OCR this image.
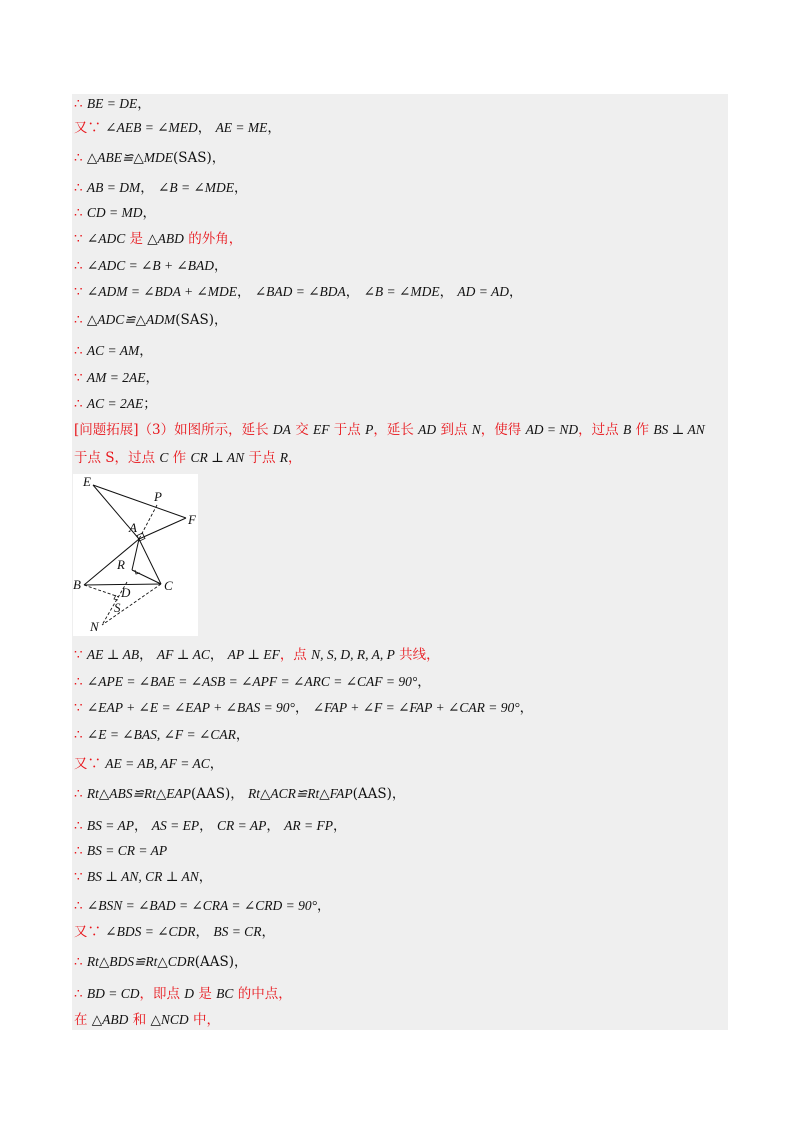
∴ BE = DE，
又∵ ∠AEB = ∠MED， AE = ME，
∴ △ABE≌△MDE(SAS)，
∴ AB = DM， ∠B = ∠MDE，
∴ CD = MD，
∵ ∠ADC 是 △ABD 的外角，
∴ ∠ADC = ∠B + ∠BAD，
∵ ∠ADM = ∠BDA + ∠MDE， ∠BAD = ∠BDA， ∠B = ∠MDE， AD = AD，
∴ △ADC≌△ADM(SAS)，
∴ AC = AM，
∵ AM = 2AE，
∴ AC = 2AE；
[问题拓展]（3）如图所示，延长 DA 交 EF 于点 P，延长 AD 到点 N，使得 AD = ND，过点 B 作 BS ⊥ AN
于点 S，过点 C 作 CR ⊥ AN 于点 R，
∵ AE ⊥ AB， AF ⊥ AC， AP ⊥ EF，点 N, S, D, R, A, P 共线，
∴ ∠APE = ∠BAE = ∠ASB = ∠APF = ∠ARC = ∠CAF = 90°，
∵ ∠EAP + ∠E = ∠EAP + ∠BAS = 90°， ∠FAP + ∠F = ∠FAP + ∠CAR = 90°，
∴ ∠E = ∠BAS, ∠F = ∠CAR，
又∵ AE = AB, AF = AC，
∴ Rt△ABS≌Rt△EAP(AAS)， Rt△ACR≌Rt△FAP(AAS)，
∴ BS = AP， AS = EP， CR = AP， AR = FP，
∴ BS = CR = AP
∵ BS ⊥ AN, CR ⊥ AN，
∴ ∠BSN = ∠BAD = ∠CRA = ∠CRD = 90°，
又∵ ∠BDS = ∠CDR， BS = CR，
∴ Rt△BDS≌Rt△CDR(AAS)，
∴ BD = CD，即点 D 是 BC 的中点，
在 △ABD 和 △NCD 中，
E
P
F
A
R
B	C
D
S
N
